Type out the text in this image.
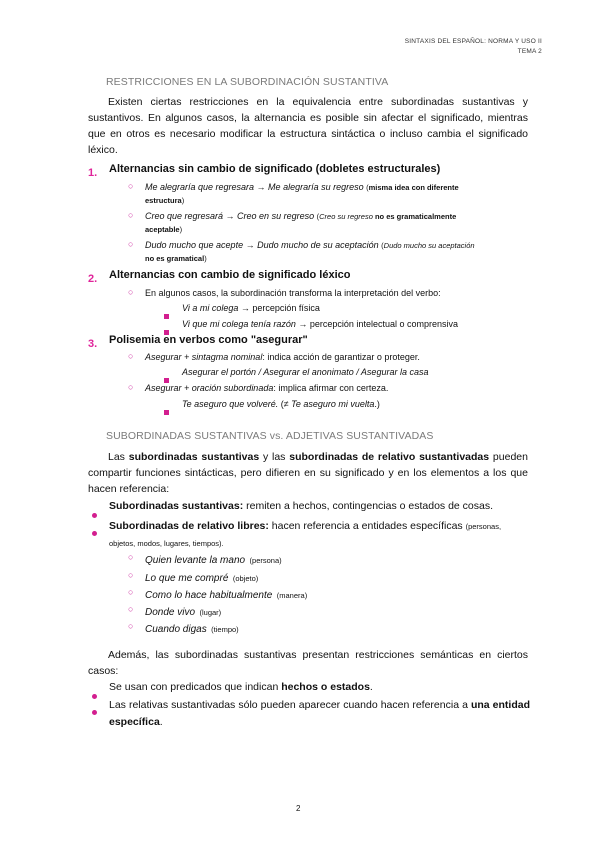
SINTAXIS DEL ESPAÑOL: NORMA Y USO II
TEMA 2
RESTRICCIONES EN LA SUBORDINACIÓN SUSTANTIVA
Existen ciertas restricciones en la equivalencia entre subordinadas sustantivas y sustantivos. En algunos casos, la alternancia es posible sin afectar el significado, mientras que en otros es necesario modificar la estructura sintáctica o incluso cambia el significado léxico.
1. Alternancias sin cambio de significado (dobletes estructurales)
○ Me alegraría que regresara → Me alegraría su regreso (misma idea con diferente
estructura)
○ Creo que regresará → Creo en su regreso (Creo su regreso no es gramaticalmente
aceptable)
○ Dudo mucho que acepte → Dudo mucho de su aceptación (Dudo mucho su aceptación
no es gramatical)
2. Alternancias con cambio de significado léxico
○ En algunos casos, la subordinación transforma la interpretación del verbo:
Vi a mi colega → percepción física
Vi que mi colega tenía razón → percepción intelectual o comprensiva
3. Polisemia en verbos como "asegurar"
○ Asegurar + sintagma nominal: indica acción de garantizar o proteger.
Asegurar el portón / Asegurar el anonimato / Asegurar la casa
○ Asegurar + oración subordinada: implica afirmar con certeza.
Te aseguro que volveré. (≠ Te aseguro mi vuelta.)
SUBORDINADAS SUSTANTIVAS vs. ADJETIVAS SUSTANTIVADAS
Las subordinadas sustantivas y las subordinadas de relativo sustantivadas pueden compartir funciones sintácticas, pero difieren en su significado y en los elementos a los que hacen referencia:
Subordinadas sustantivas: remiten a hechos, contingencias o estados de cosas.
Subordinadas de relativo libres: hacen referencia a entidades específicas (personas,
objetos, modos, lugares, tiempos).
○ Quien levante la mano (persona)
○ Lo que me compré (objeto)
○ Como lo hace habitualmente (manera)
○ Donde vivo (lugar)
○ Cuando digas (tiempo)
Además, las subordinadas sustantivas presentan restricciones semánticas en ciertos casos:
Se usan con predicados que indican hechos o estados.
Las relativas sustantivadas sólo pueden aparecer cuando hacen referencia a una entidad específica.
2
